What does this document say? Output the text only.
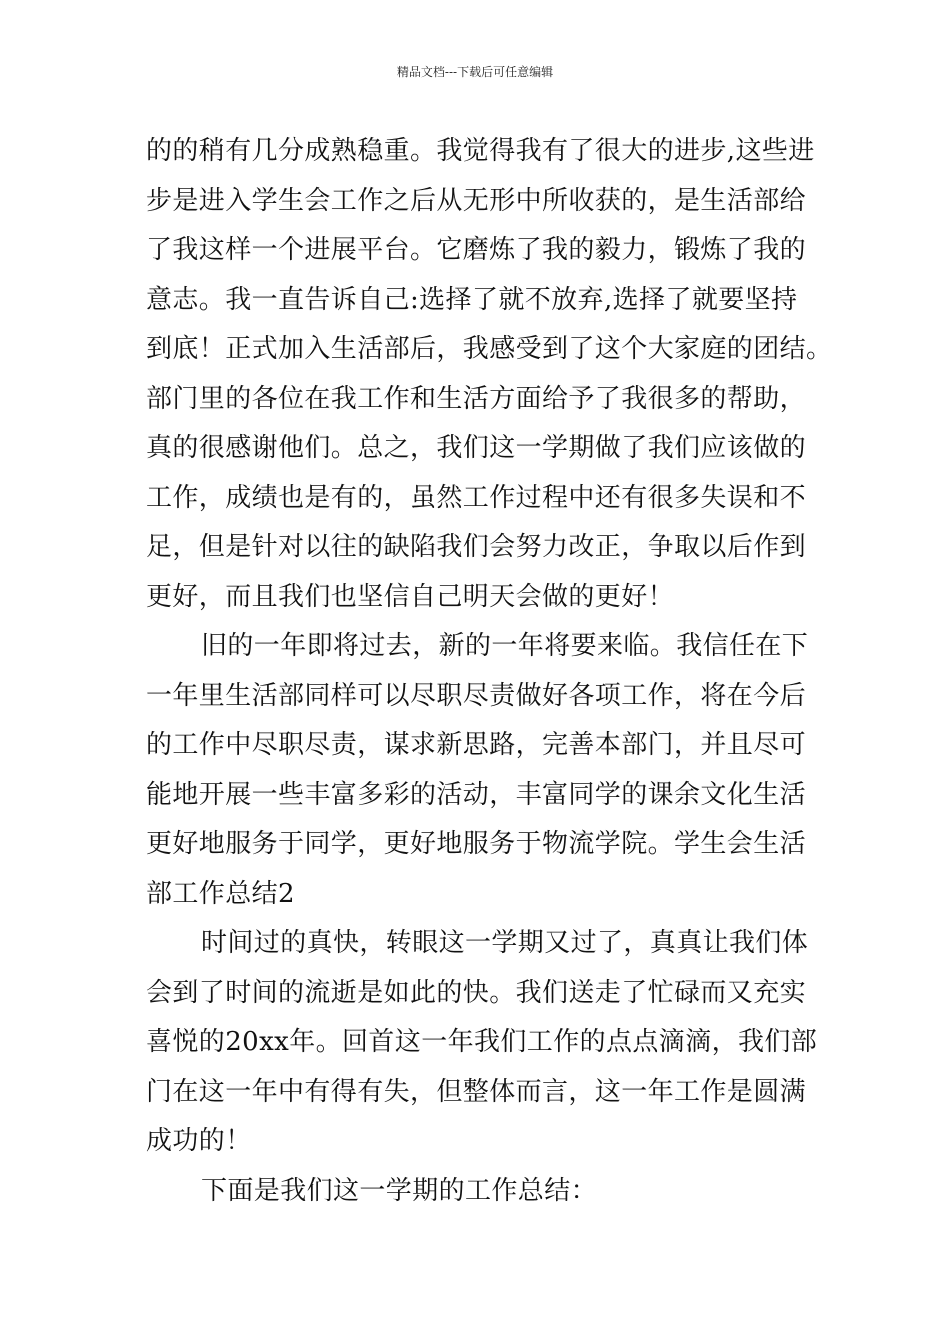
精品文档---下载后可任意编辑
的的稍有几分成熟稳重。我觉得我有了很大的进步,这些进
步是进入学生会工作之后从无形中所收获的，是生活部给
了我这样一个进展平台。它磨炼了我的毅力，锻炼了我的
意志。我一直告诉自己:选择了就不放弃,选择了就要坚持
到底！正式加入生活部后，我感受到了这个大家庭的团结。
部门里的各位在我工作和生活方面给予了我很多的帮助，
真的很感谢他们。总之，我们这一学期做了我们应该做的
工作，成绩也是有的，虽然工作过程中还有很多失误和不
足，但是针对以往的缺陷我们会努力改正，争取以后作到
更好，而且我们也坚信自己明天会做的更好！
旧的一年即将过去，新的一年将要来临。我信任在下
一年里生活部同样可以尽职尽责做好各项工作，将在今后
的工作中尽职尽责，谋求新思路，完善本部门，并且尽可
能地开展一些丰富多彩的活动，丰富同学的课余文化生活
更好地服务于同学，更好地服务于物流学院。学生会生活
部工作总结2
时间过的真快，转眼这一学期又过了，真真让我们体
会到了时间的流逝是如此的快。我们送走了忙碌而又充实
喜悦的20xx年。回首这一年我们工作的点点滴滴，我们部
门在这一年中有得有失，但整体而言，这一年工作是圆满
成功的！
下面是我们这一学期的工作总结：
